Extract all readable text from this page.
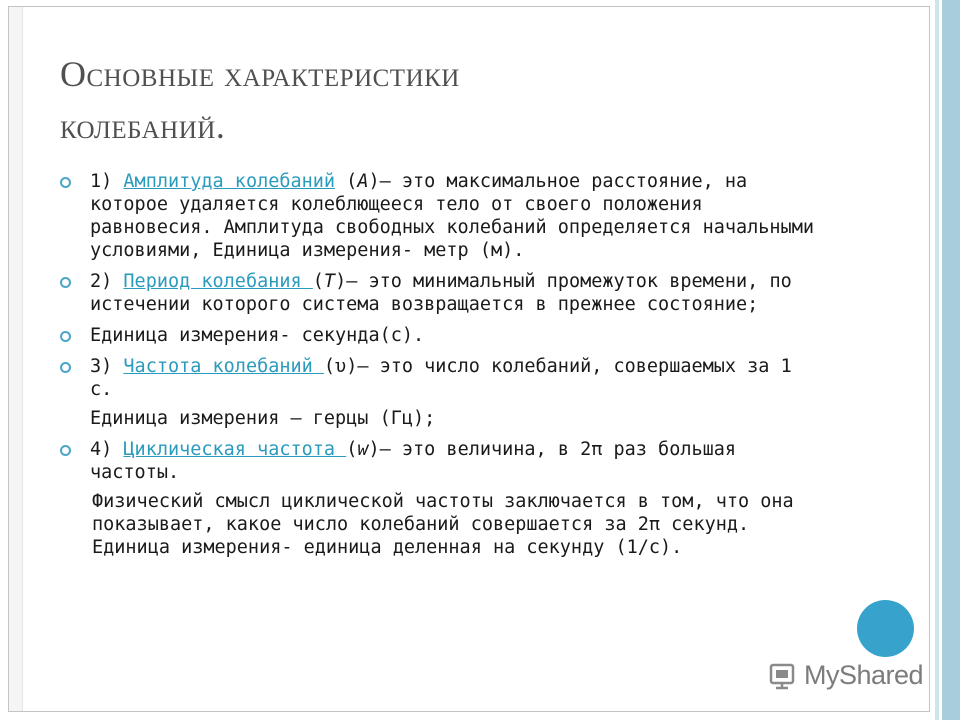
Основные характеристики
колебаний.
1) Амплитуда колебаний (A)— это максимальное расстояние, на которое удаляется колеблющееся тело от своего положения равновесия. Амплитуда свободных колебаний определяется начальными условиями, Единица измерения- метр (м).
2) Период колебания (T)— это минимальный промежуток времени, по истечении которого система возвращается в прежнее состояние;
Единица измерения- секунда(с).
3) Частота колебаний (υ)— это число колебаний, совершаемых за 1 с.
Единица измерения – герцы (Гц);
4) Циклическая частота (w)— это величина, в 2π раз большая частоты.
Физический смысл циклической частоты заключается в том, что она показывает, какое число колебаний совершается за 2π секунд. Единица измерения- единица деленная на секунду (1/с).
MyShared
